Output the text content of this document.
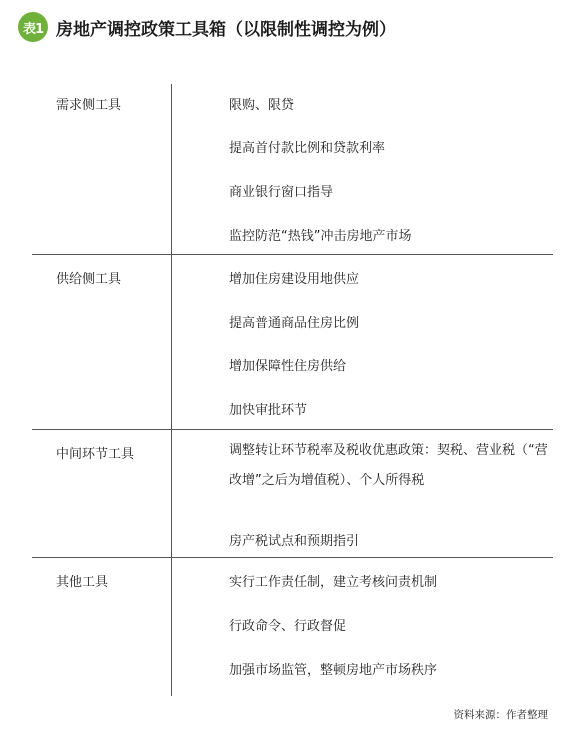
表1 房地产调控政策工具箱（以限制性调控为例）
需求侧工具	限购、限贷
提高首付款比例和贷款利率
商业银行窗口指导
监控防范“热钱”冲击房地产市场
供给侧工具	增加住房建设用地供应
提高普通商品住房比例
增加保障性住房供给
加快审批环节
中间环节工具	调整转让环节税率及税收优惠政策：契税、营业税（“营改增”之后为增值税）、个人所得税
房产税试点和预期指引
其他工具	实行工作责任制，建立考核问责机制
行政命令、行政督促
加强市场监管，整顿房地产市场秩序
资料来源：作者整理
